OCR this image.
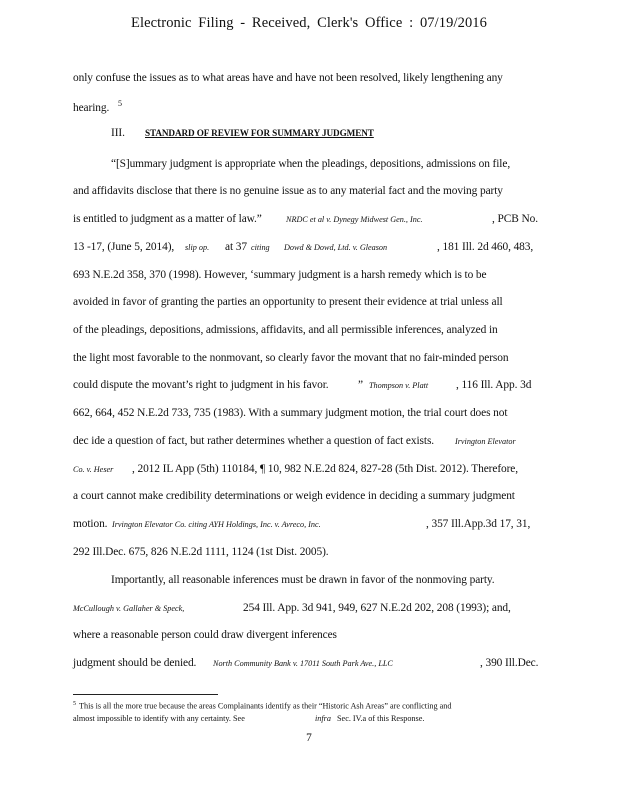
Electronic Filing - Received, Clerk's Office : 07/19/2016
only confuse the issues as to what areas have and have not been resolved, likely lengthening any
hearing. $^5$
III. STANDARD OF REVIEW FOR SUMMARY JUDGMENT
“[S]ummary judgment is appropriate when the pleadings, depositions, admissions on file,
and affidavits disclose that there is no genuine issue as to any material fact and the moving party
is entitled to judgment as a matter of law.”	NRDC et al v. Dynegy Midwest Gen., Inc.	, PCB No.
13 -17, (June 5, 2014), slip op. at 37 citing Dowd & Dowd, Ltd. v. Gleason	, 181 Ill. 2d 460, 483,
693 N.E.2d 358, 370 (1998). However, ‘summary judgment is a harsh remedy which is to be
avoided in favor of granting the parties an opportunity to present their evidence at trial unless all
of the pleadings, depositions, admissions, affidavits, and all permissible inferences, analyzed in
the light most favorable to the nonmovant, so clearly favor the movant that no fair-minded person
could dispute the movant’s right to judgment in his favor.	” Thompson v. Platt , 116 Ill. App. 3d
662, 664, 452 N.E.2d 733, 735 (1983). With a summary judgment motion, the trial court does not
dec ide a question of fact, but rather determines whether a question of fact exists.	Irvington Elevator
Co. v. Heser , 2012 IL App (5th) 110184, ¶ 10, 982 N.E.2d 824, 827-28 (5th Dist. 2012). Therefore,
a court cannot make credibility determinations or weigh evidence in deciding a summary judgment
motion. Irvington Elevator Co. citing AYH Holdings, Inc. v. Avreco, Inc.	, 357 Ill.App.3d 17, 31,
292 Ill.Dec. 675, 826 N.E.2d 1111, 1124 (1st Dist. 2005).
Importantly, all reasonable inferences must be drawn in favor of the nonmoving party.
McCullough v. Gallaher & Speck,	254 Ill. App. 3d 941, 949, 627 N.E.2d 202, 208 (1993); and,
where a reasonable person could draw divergent inferences
judgment should be denied. North Community Bank v. 17011 South Park Ave., LLC	, 390 Ill.Dec.
$^5$ This is all the more true because the areas Complainants identify as their “Historic Ash Areas” are conflicting and
almost impossible to identify with any certainty. See	infra Sec. IV.a of this Response.
7
